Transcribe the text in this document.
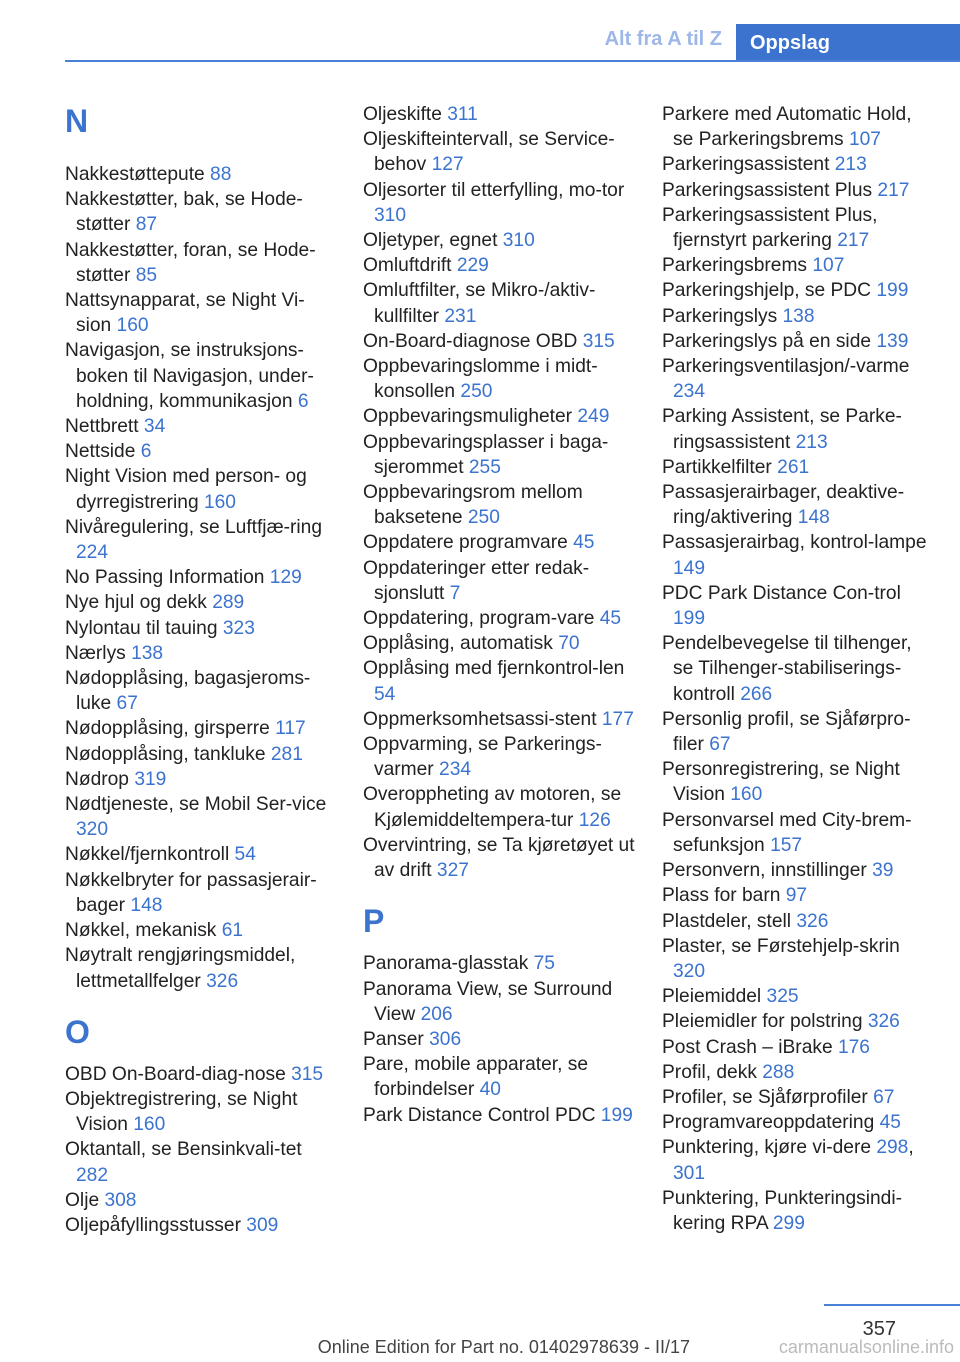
Alt fra A til Z Oppslag
N
Nakkestøttepute 88
Nakkestøtter, bak, se Hode‐støtter 87
Nakkestøtter, foran, se Hode‐støtter 85
Nattsynapparat, se Night Vi‐sion 160
Navigasjon, se instruksjons‐boken til Navigasjon, under‐holdning, kommunikasjon 6
Nettbrett 34
Nettside 6
Night Vision med person- og dyrregistrering 160
Nivåregulering, se Luftfjæ‐ring 224
No Passing Information 129
Nye hjul og dekk 289
Nylontau til tauing 323
Nærlys 138
Nødopplåsing, bagasjeroms‐luke 67
Nødopplåsing, girsperre 117
Nødopplåsing, tankluke 281
Nødrop 319
Nødtjeneste, se Mobil Ser‐vice 320
Nøkkel/fjernkontroll 54
Nøkkelbryter for passasjerair‐bager 148
Nøkkel, mekanisk 61
Nøytralt rengjøringsmiddel, lettmetallfelger 326
O
OBD On-Board-diag‐nose 315
Objektregistrering, se Night Vision 160
Oktantall, se Bensinkvali‐tet 282
Olje 308
Oljepåfyllingsstusser 309
Oljeskifte 311
Oljeskifteintervall, se Service‐behov 127
Oljesorter til etterfylling, mo‐tor 310
Oljetyper, egnet 310
Omluftdrift 229
Omluftfilter, se Mikro-/aktiv‐kullfilter 231
On-Board-diagnose OBD 315
Oppbevaringslomme i midt‐konsollen 250
Oppbevaringsmuligheter 249
Oppbevaringsplasser i baga‐sjerommet 255
Oppbevaringsrom mellom baksetene 250
Oppdatere programvare 45
Oppdateringer etter redak‐sjonslutt 7
Oppdatering, program‐vare 45
Opplåsing, automatisk 70
Opplåsing med fjernkontrol‐len 54
Oppmerksomhetsassi‐stent 177
Oppvarming, se Parkerings‐varmer 234
Overoppheting av motoren, se Kjølemiddeltempera‐tur 126
Overvintring, se Ta kjøretøyet ut av drift 327
P
Panorama-glasstak 75
Panorama View, se Surround View 206
Panser 306
Pare, mobile apparater, se forbindelser 40
Park Distance Control PDC 199
Parkere med Automatic Hold, se Parkeringsbrems 107
Parkeringsassistent 213
Parkeringsassistent Plus 217
Parkeringsassistent Plus, fjernstyrt parkering 217
Parkeringsbrems 107
Parkeringshjelp, se PDC 199
Parkeringslys 138
Parkeringslys på en side 139
Parkeringsventilasjon/-varme 234
Parking Assistent, se Parke‐ringsassistent 213
Partikkelfilter 261
Passasjerairbager, deaktive‐ring/aktivering 148
Passasjerairbag, kontrol‐lampe 149
PDC Park Distance Con‐trol 199
Pendelbevegelse til tilhenger, se Tilhenger-stabiliserings‐kontroll 266
Personlig profil, se Sjåførpro‐filer 67
Personregistrering, se Night Vision 160
Personvarsel med City-brem‐sefunksjon 157
Personvern, innstillinger 39
Plass for barn 97
Plastdeler, stell 326
Plaster, se Førstehjelp‐skrin 320
Pleiemiddel 325
Pleiemidler for polstring 326
Post Crash – iBrake 176
Profil, dekk 288
Profiler, se Sjåførprofiler 67
Programvareoppdatering 45
Punktering, kjøre vi‐dere 298, 301
Punktering, Punkteringsindi‐kering RPA 299
357
carmanualsonline.info
Online Edition for Part no. 01402978639 - II/17
